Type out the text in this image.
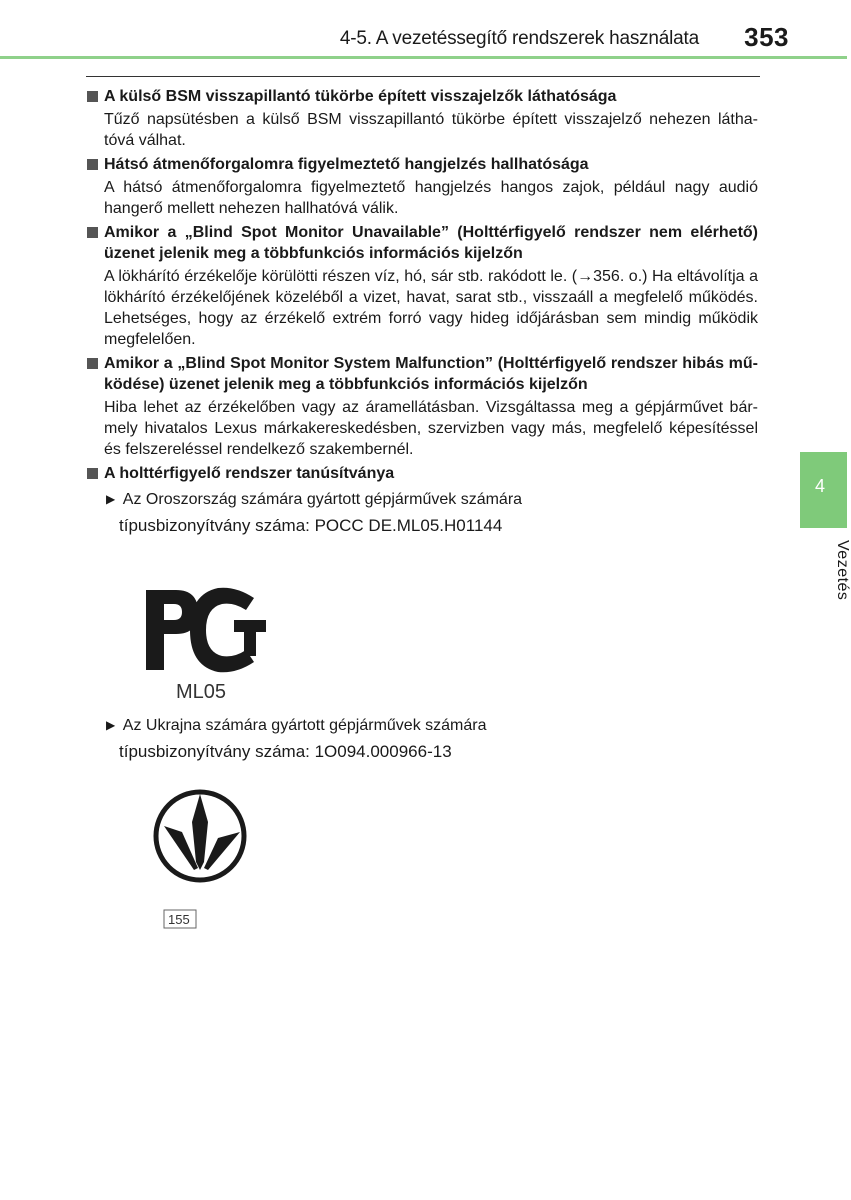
4-5. A vezetéssegítő rendszerek használata 353
A külső BSM visszapillantó tükörbe épített visszajelzők láthatósága
Tűző napsütésben a külső BSM visszapillantó tükörbe épített visszajelző nehezen látha-tóvá válhat.
Hátsó átmenőforgalomra figyelmeztető hangjelzés hallhatósága
A hátsó átmenőforgalomra figyelmeztető hangjelzés hangos zajok, például nagy audió hangerő mellett nehezen hallhatóvá válik.
Amikor a „Blind Spot Monitor Unavailable” (Holttérfigyelő rendszer nem elérhető) üzenet jelenik meg a többfunkciós információs kijelzőn
A lökhárító érzékelője körülötti részen víz, hó, sár stb. rakódott le. (→356. o.) Ha eltávolítja a lökhárító érzékelőjének közeléből a vizet, havat, sarat stb., visszaáll a megfelelő működés. Lehetséges, hogy az érzékelő extrém forró vagy hideg időjárásban sem mindig működik megfelelően.
Amikor a „Blind Spot Monitor System Malfunction” (Holttérfigyelő rendszer hibás mű-ködése) üzenet jelenik meg a többfunkciós információs kijelzőn
Hiba lehet az érzékelőben vagy az áramellátásban. Vizsgáltassa meg a gépjárművet bár-mely hivatalos Lexus márkakereskedésben, szervizben vagy más, megfelelő képesítéssel és felszereléssel rendelkező szakembernél.
A holttérfigyelő rendszer tanúsítványa
▶ Az Oroszország számára gyártott gépjárművek számára
típusbizonyítvány száma: POCC DE.ML05.H01144
ML05
▶ Az Ukrajna számára gyártott gépjárművek számára
típusbizonyítvány száma: 1O094.000966-13
155
4
Vezetés
